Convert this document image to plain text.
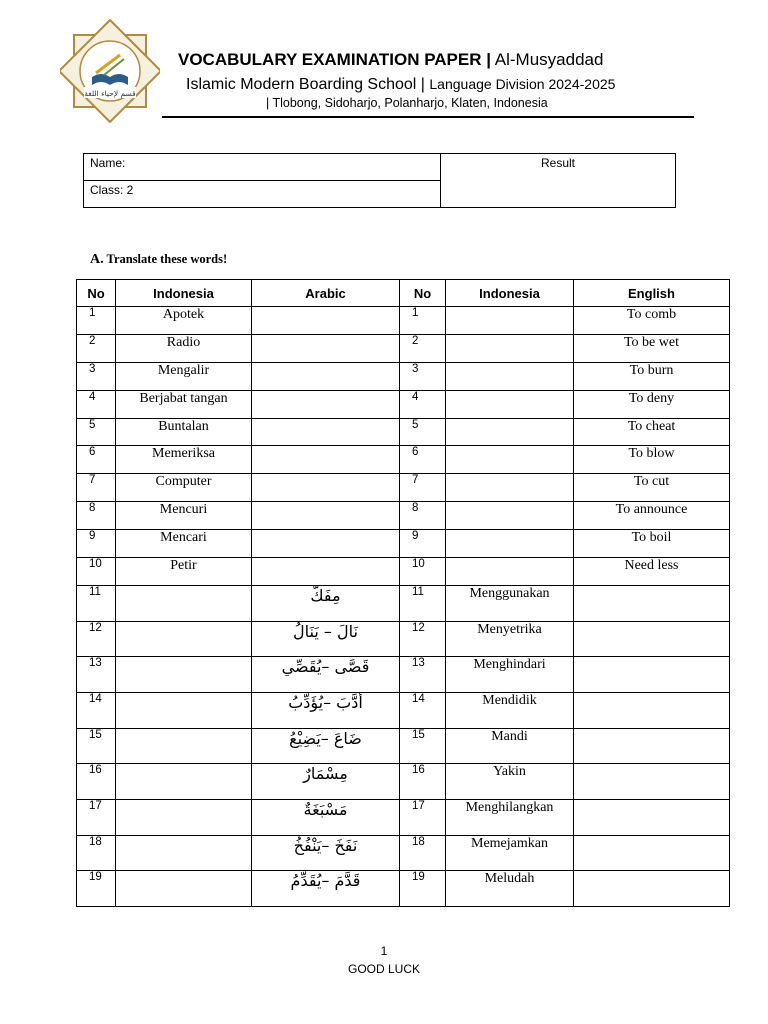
قسم لإحياء اللغة
VOCABULARY EXAMINATION PAPER | Al-Musyaddad
Islamic Modern Boarding School | Language Division 2024-2025
| Tlobong, Sidoharjo, Polanharjo, Klaten, Indonesia
Name:	Result
Class: 2
A. Translate these words!
No	Indonesia	Arabic	No	Indonesia	English
1	Apotek		1		To comb
2	Radio		2		To be wet
3	Mengalir		3		To burn
4	Berjabat tangan		4		To deny
5	Buntalan		5		To cheat
6	Memeriksa		6		To blow
7	Computer		7		To cut
8	Mencuri		8		To announce
9	Mencari		9		To boil
10	Petir		10		Need less
11		مِفَكٌّ	11	Menggunakan	
12		نَالَ – يَنَالُ	12	Menyetrika	
13		قَصَّى –يُقَصِّي	13	Menghindari	
14		أَدَّبَ –يُؤَدِّبُ	14	Mendidik	
15		ضَاعَ –يَضِيْعُ	15	Mandi	
16		مِسْمَارٌ	16	Yakin	
17		مَسْبَغَةٌ	17	Menghilangkan	
18		نَفَخَ –يَنْفُخُ	18	Memejamkan	
19		قَدَّمَ –يُقَدِّمُ	19	Meludah	
1
GOOD LUCK
